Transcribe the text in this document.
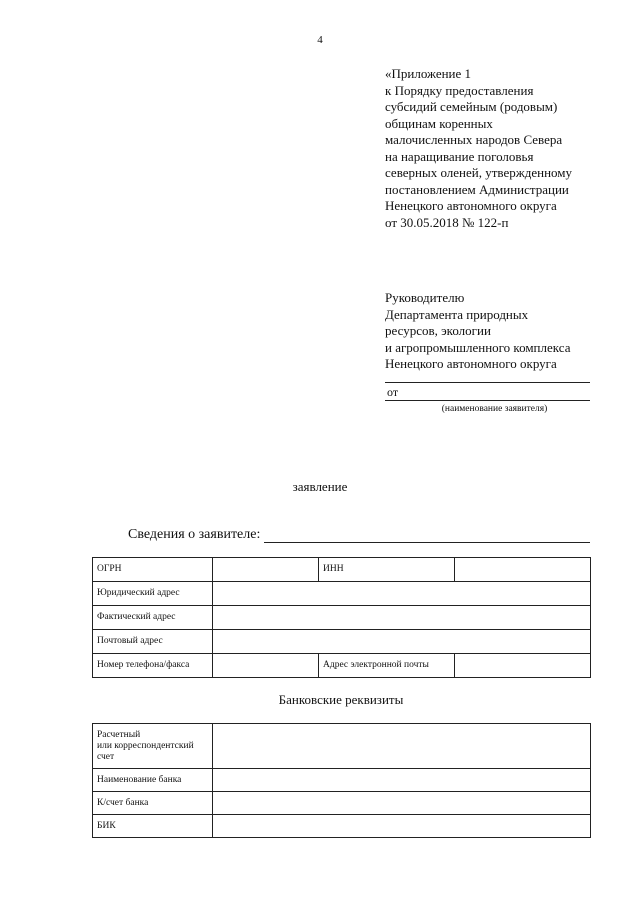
4
«Приложение 1
к Порядку предоставления
субсидий семейным (родовым)
общинам коренных
малочисленных народов Севера
на наращивание поголовья
северных оленей, утвержденному
постановлением Администрации
Ненецкого автономного округа
от 30.05.2018 № 122-п
Руководителю
Департамента природных
ресурсов, экологии
и агропромышленного комплекса
Ненецкого автономного округа
от
(наименование заявителя)
заявление
Сведения о заявителе:
ОГРН		ИНН	
Юридический адрес			
Фактический адрес			
Почтовый адрес			
Номер телефона/факса		Адрес электронной почты	
Банковские реквизиты
Расчетный
или корреспондентский
счет	

Наименование банка	
К/счет банка	
БИК	
